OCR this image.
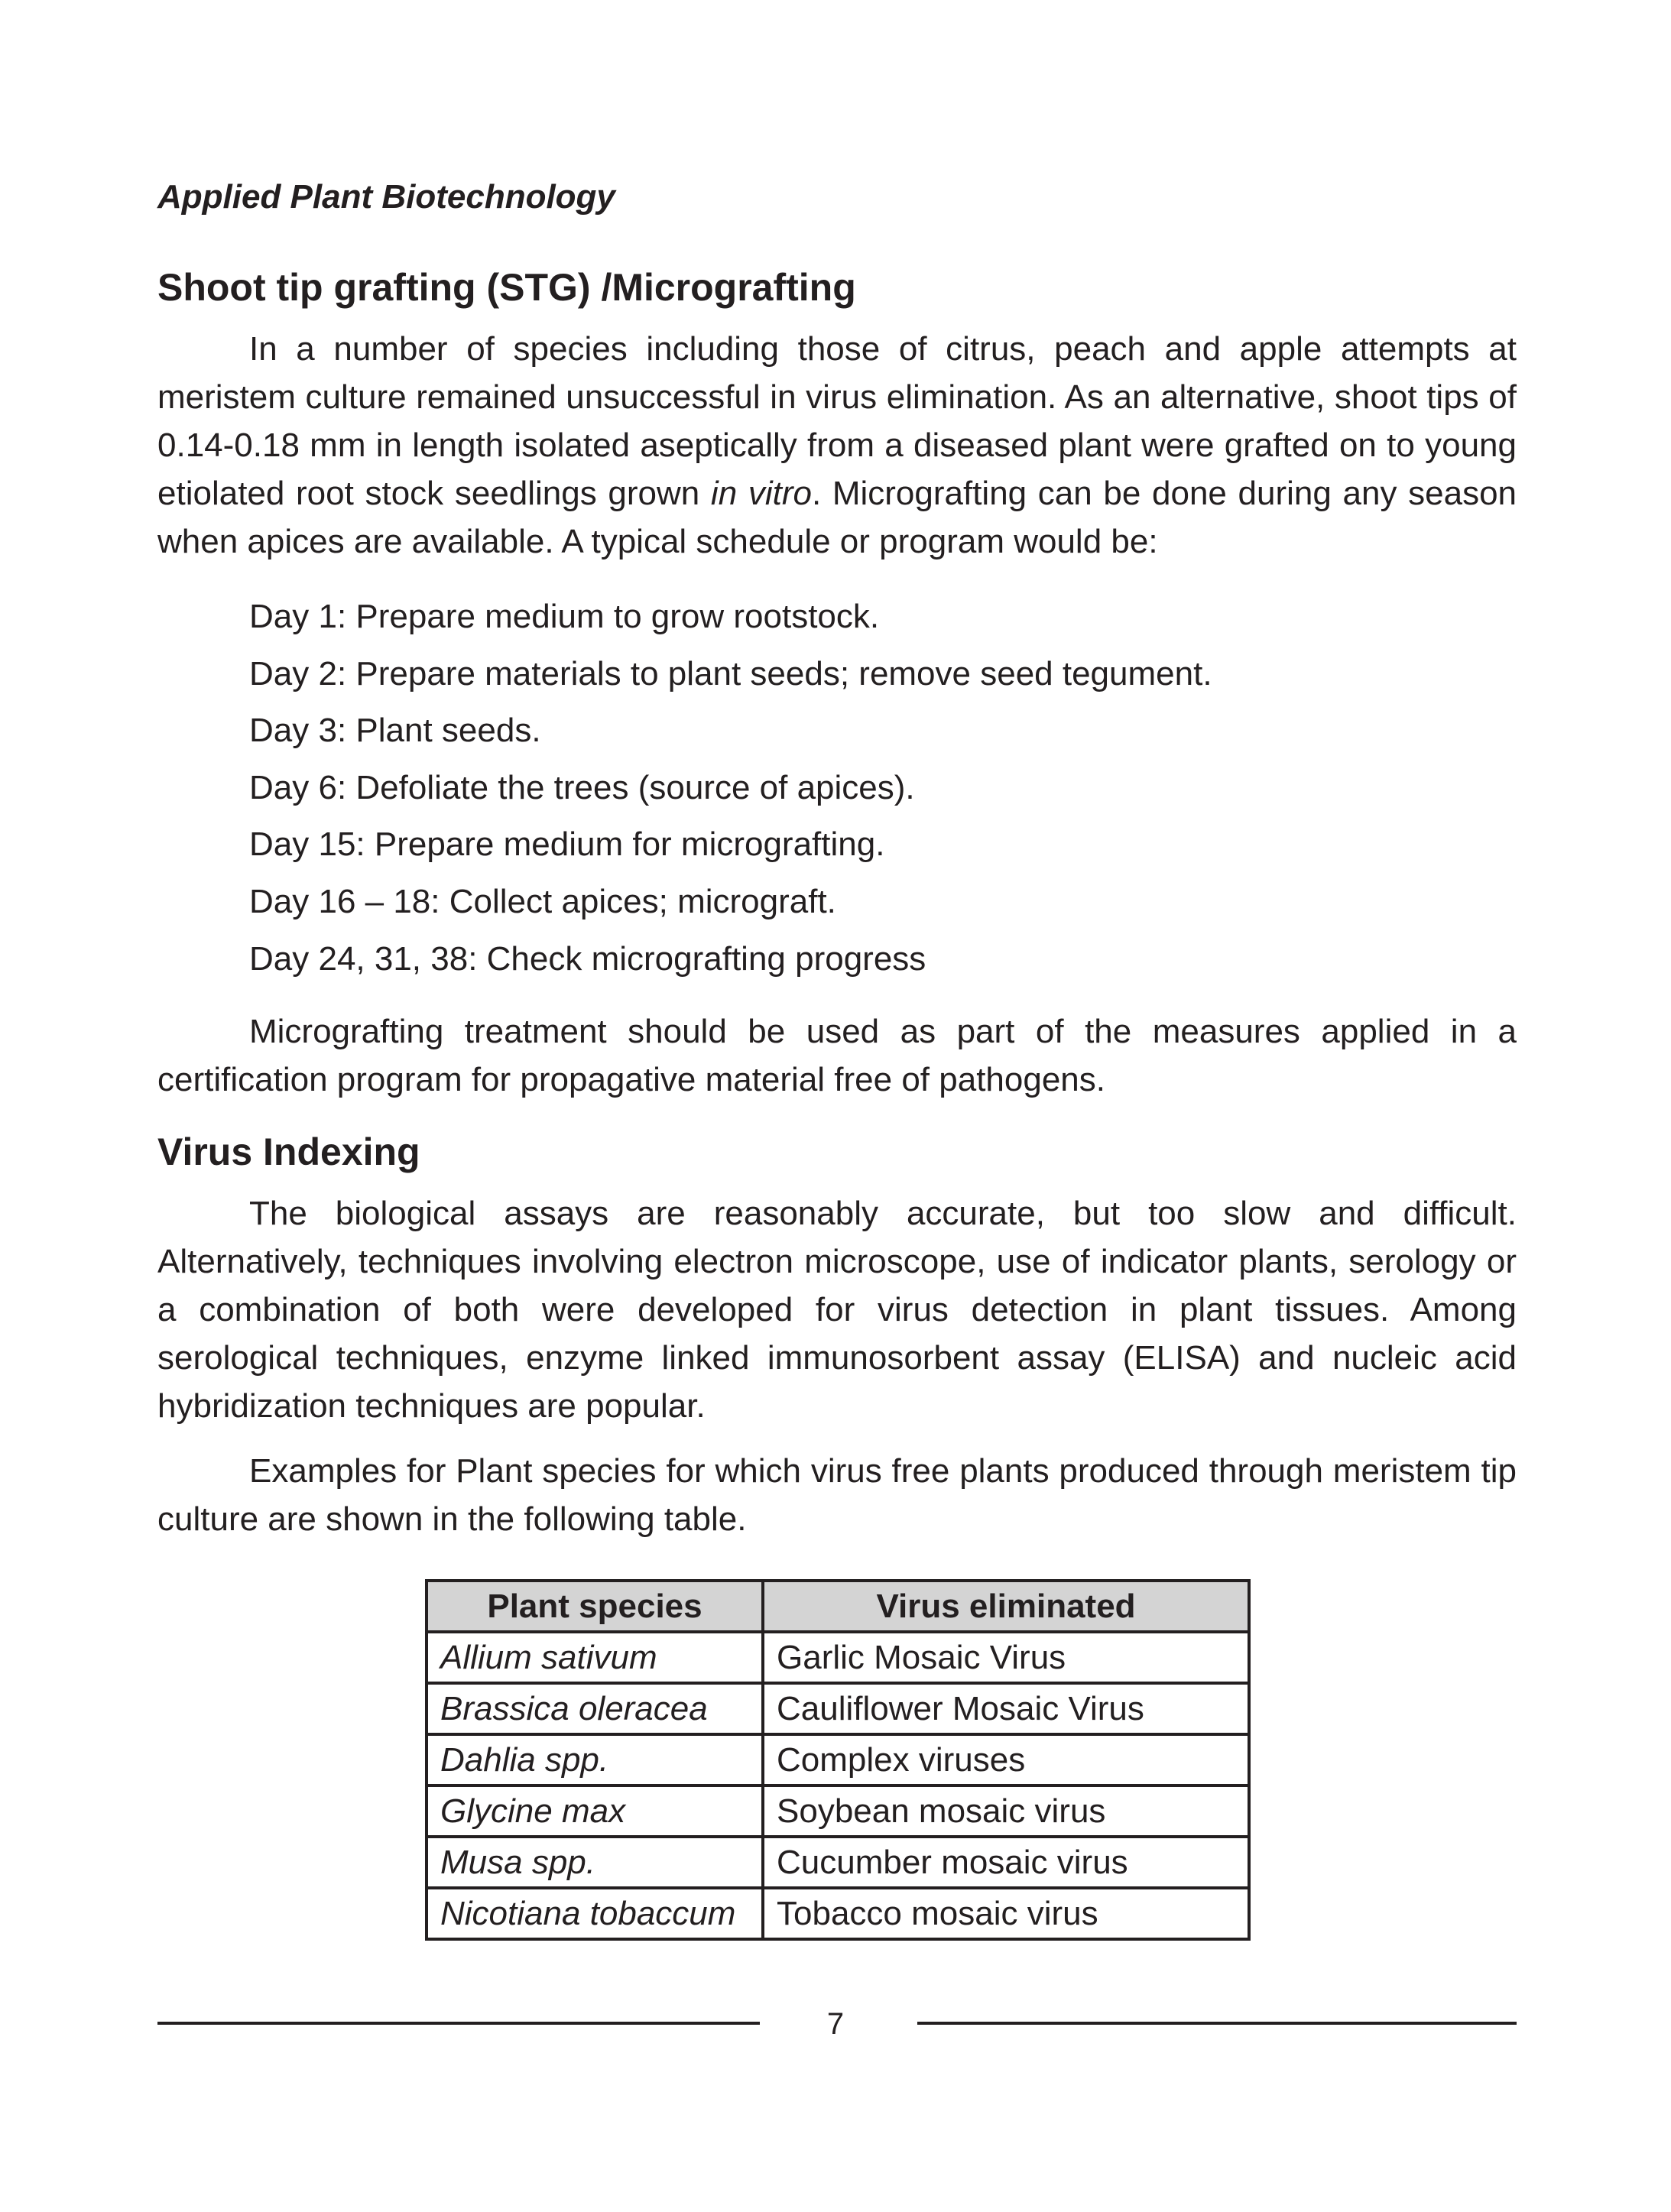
Applied Plant Biotechnology
Shoot tip grafting (STG) /Micrografting

In a number of species including those of citrus, peach and apple attempts at meristem culture remained unsuccessful in virus elimination. As an alternative, shoot tips of 0.14-0.18 mm in length isolated aseptically from a diseased plant were grafted on to young etiolated root stock seedlings grown in vitro. Micrografting can be done during any season when apices are available. A typical schedule or program would be:

Day 1: Prepare medium to grow rootstock.
Day 2: Prepare materials to plant seeds; remove seed tegument.
Day 3: Plant seeds.
Day 6: Defoliate the trees (source of apices).
Day 15: Prepare medium for micrografting.
Day 16 – 18: Collect apices; micrograft.
Day 24, 31, 38: Check micrografting progress

Micrografting treatment should be used as part of the measures applied in a certification program for propagative material free of pathogens.

Virus Indexing

The biological assays are reasonably accurate, but too slow and difficult. Alternatively, techniques involving electron microscope, use of indicator plants, serology or a combination of both were developed for virus detection in plant tissues. Among serological techniques, enzyme linked immunosorbent assay (ELISA) and nucleic acid hybridization techniques are popular.

Examples for Plant species for which virus free plants produced through meristem tip culture are shown in the following table.

Plant species	Virus eliminated
Allium sativum	Garlic Mosaic Virus
Brassica oleracea	Cauliflower Mosaic Virus
Dahlia spp.	Complex viruses
Glycine max	Soybean mosaic virus
Musa spp.	Cucumber mosaic virus
Nicotiana tobaccum	Tobacco mosaic virus
7
